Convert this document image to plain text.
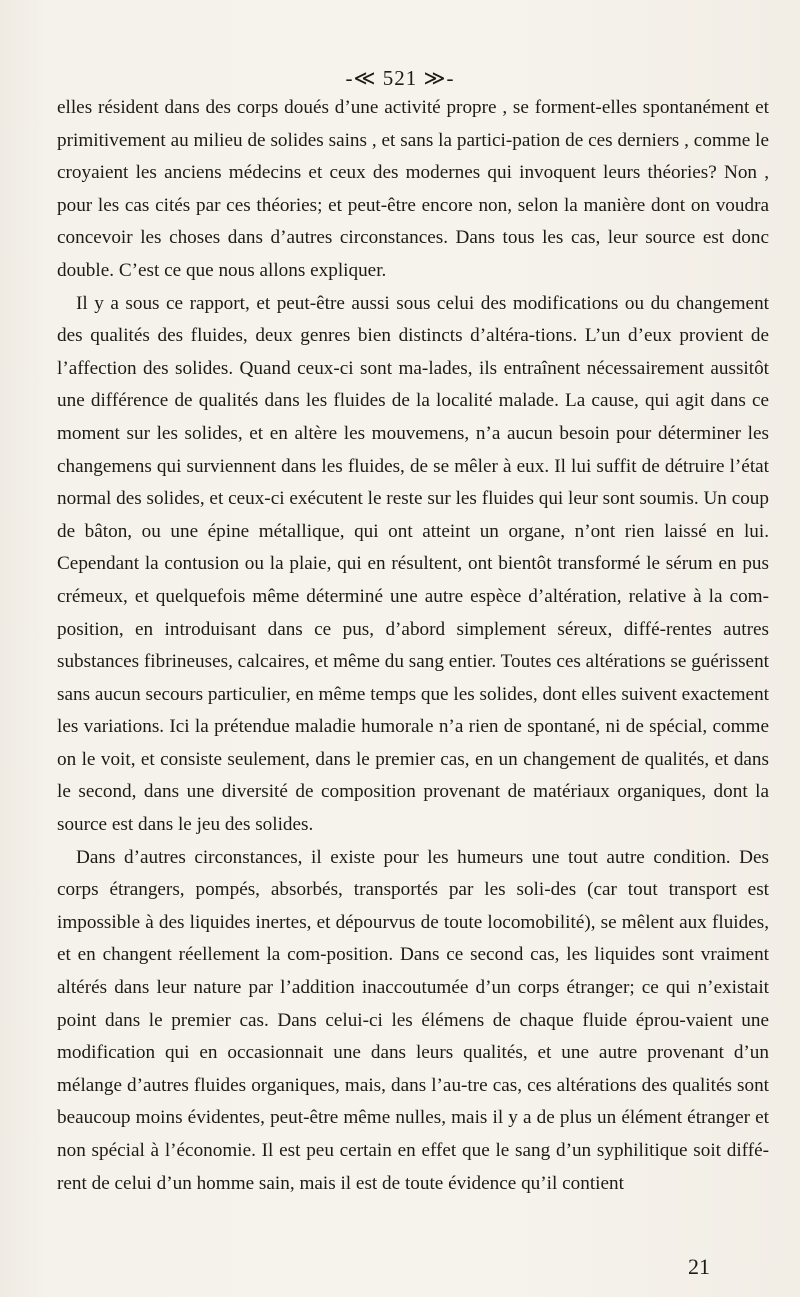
-≪ 521 ≫-

elles résident dans des corps doués d’une activité propre , se forment-elles spontanément et primitivement au milieu de solides sains , et sans la partici-pation de ces derniers , comme le croyaient les anciens médecins et ceux des modernes qui invoquent leurs théories? Non , pour les cas cités par ces théories; et peut-être encore non, selon la manière dont on voudra concevoir les choses dans d’autres circonstances. Dans tous les cas, leur source est donc double. C’est ce que nous allons expliquer.

Il y a sous ce rapport, et peut-être aussi sous celui des modifications ou du changement des qualités des fluides, deux genres bien distincts d’altéra-tions. L’un d’eux provient de l’affection des solides. Quand ceux-ci sont ma-lades, ils entraînent nécessairement aussitôt une différence de qualités dans les fluides de la localité malade. La cause, qui agit dans ce moment sur les solides, et en altère les mouvemens, n’a aucun besoin pour déterminer les changemens qui surviennent dans les fluides, de se mêler à eux. Il lui suffit de détruire l’état normal des solides, et ceux-ci exécutent le reste sur les fluides qui leur sont soumis. Un coup de bâton, ou une épine métallique, qui ont atteint un organe, n’ont rien laissé en lui. Cependant la contusion ou la plaie, qui en résultent, ont bientôt transformé le sérum en pus crémeux, et quelquefois même déterminé une autre espèce d’altération, relative à la com-position, en introduisant dans ce pus, d’abord simplement séreux, diffé-rentes autres substances fibrineuses, calcaires, et même du sang entier. Toutes ces altérations se guérissent sans aucun secours particulier, en même temps que les solides, dont elles suivent exactement les variations. Ici la prétendue maladie humorale n’a rien de spontané, ni de spécial, comme on le voit, et consiste seulement, dans le premier cas, en un changement de qualités, et dans le second, dans une diversité de composition provenant de matériaux organiques, dont la source est dans le jeu des solides.

Dans d’autres circonstances, il existe pour les humeurs une tout autre condition. Des corps étrangers, pompés, absorbés, transportés par les soli-des (car tout transport est impossible à des liquides inertes, et dépourvus de toute locomobilité), se mêlent aux fluides, et en changent réellement la com-position. Dans ce second cas, les liquides sont vraiment altérés dans leur nature par l’addition inaccoutumée d’un corps étranger; ce qui n’existait point dans le premier cas. Dans celui-ci les élémens de chaque fluide éprou-vaient une modification qui en occasionnait une dans leurs qualités, et une autre provenant d’un mélange d’autres fluides organiques, mais, dans l’au-tre cas, ces altérations des qualités sont beaucoup moins évidentes, peut-être même nulles, mais il y a de plus un élément étranger et non spécial à l’économie. Il est peu certain en effet que le sang d’un syphilitique soit diffé-rent de celui d’un homme sain, mais il est de toute évidence qu’il contient

21
